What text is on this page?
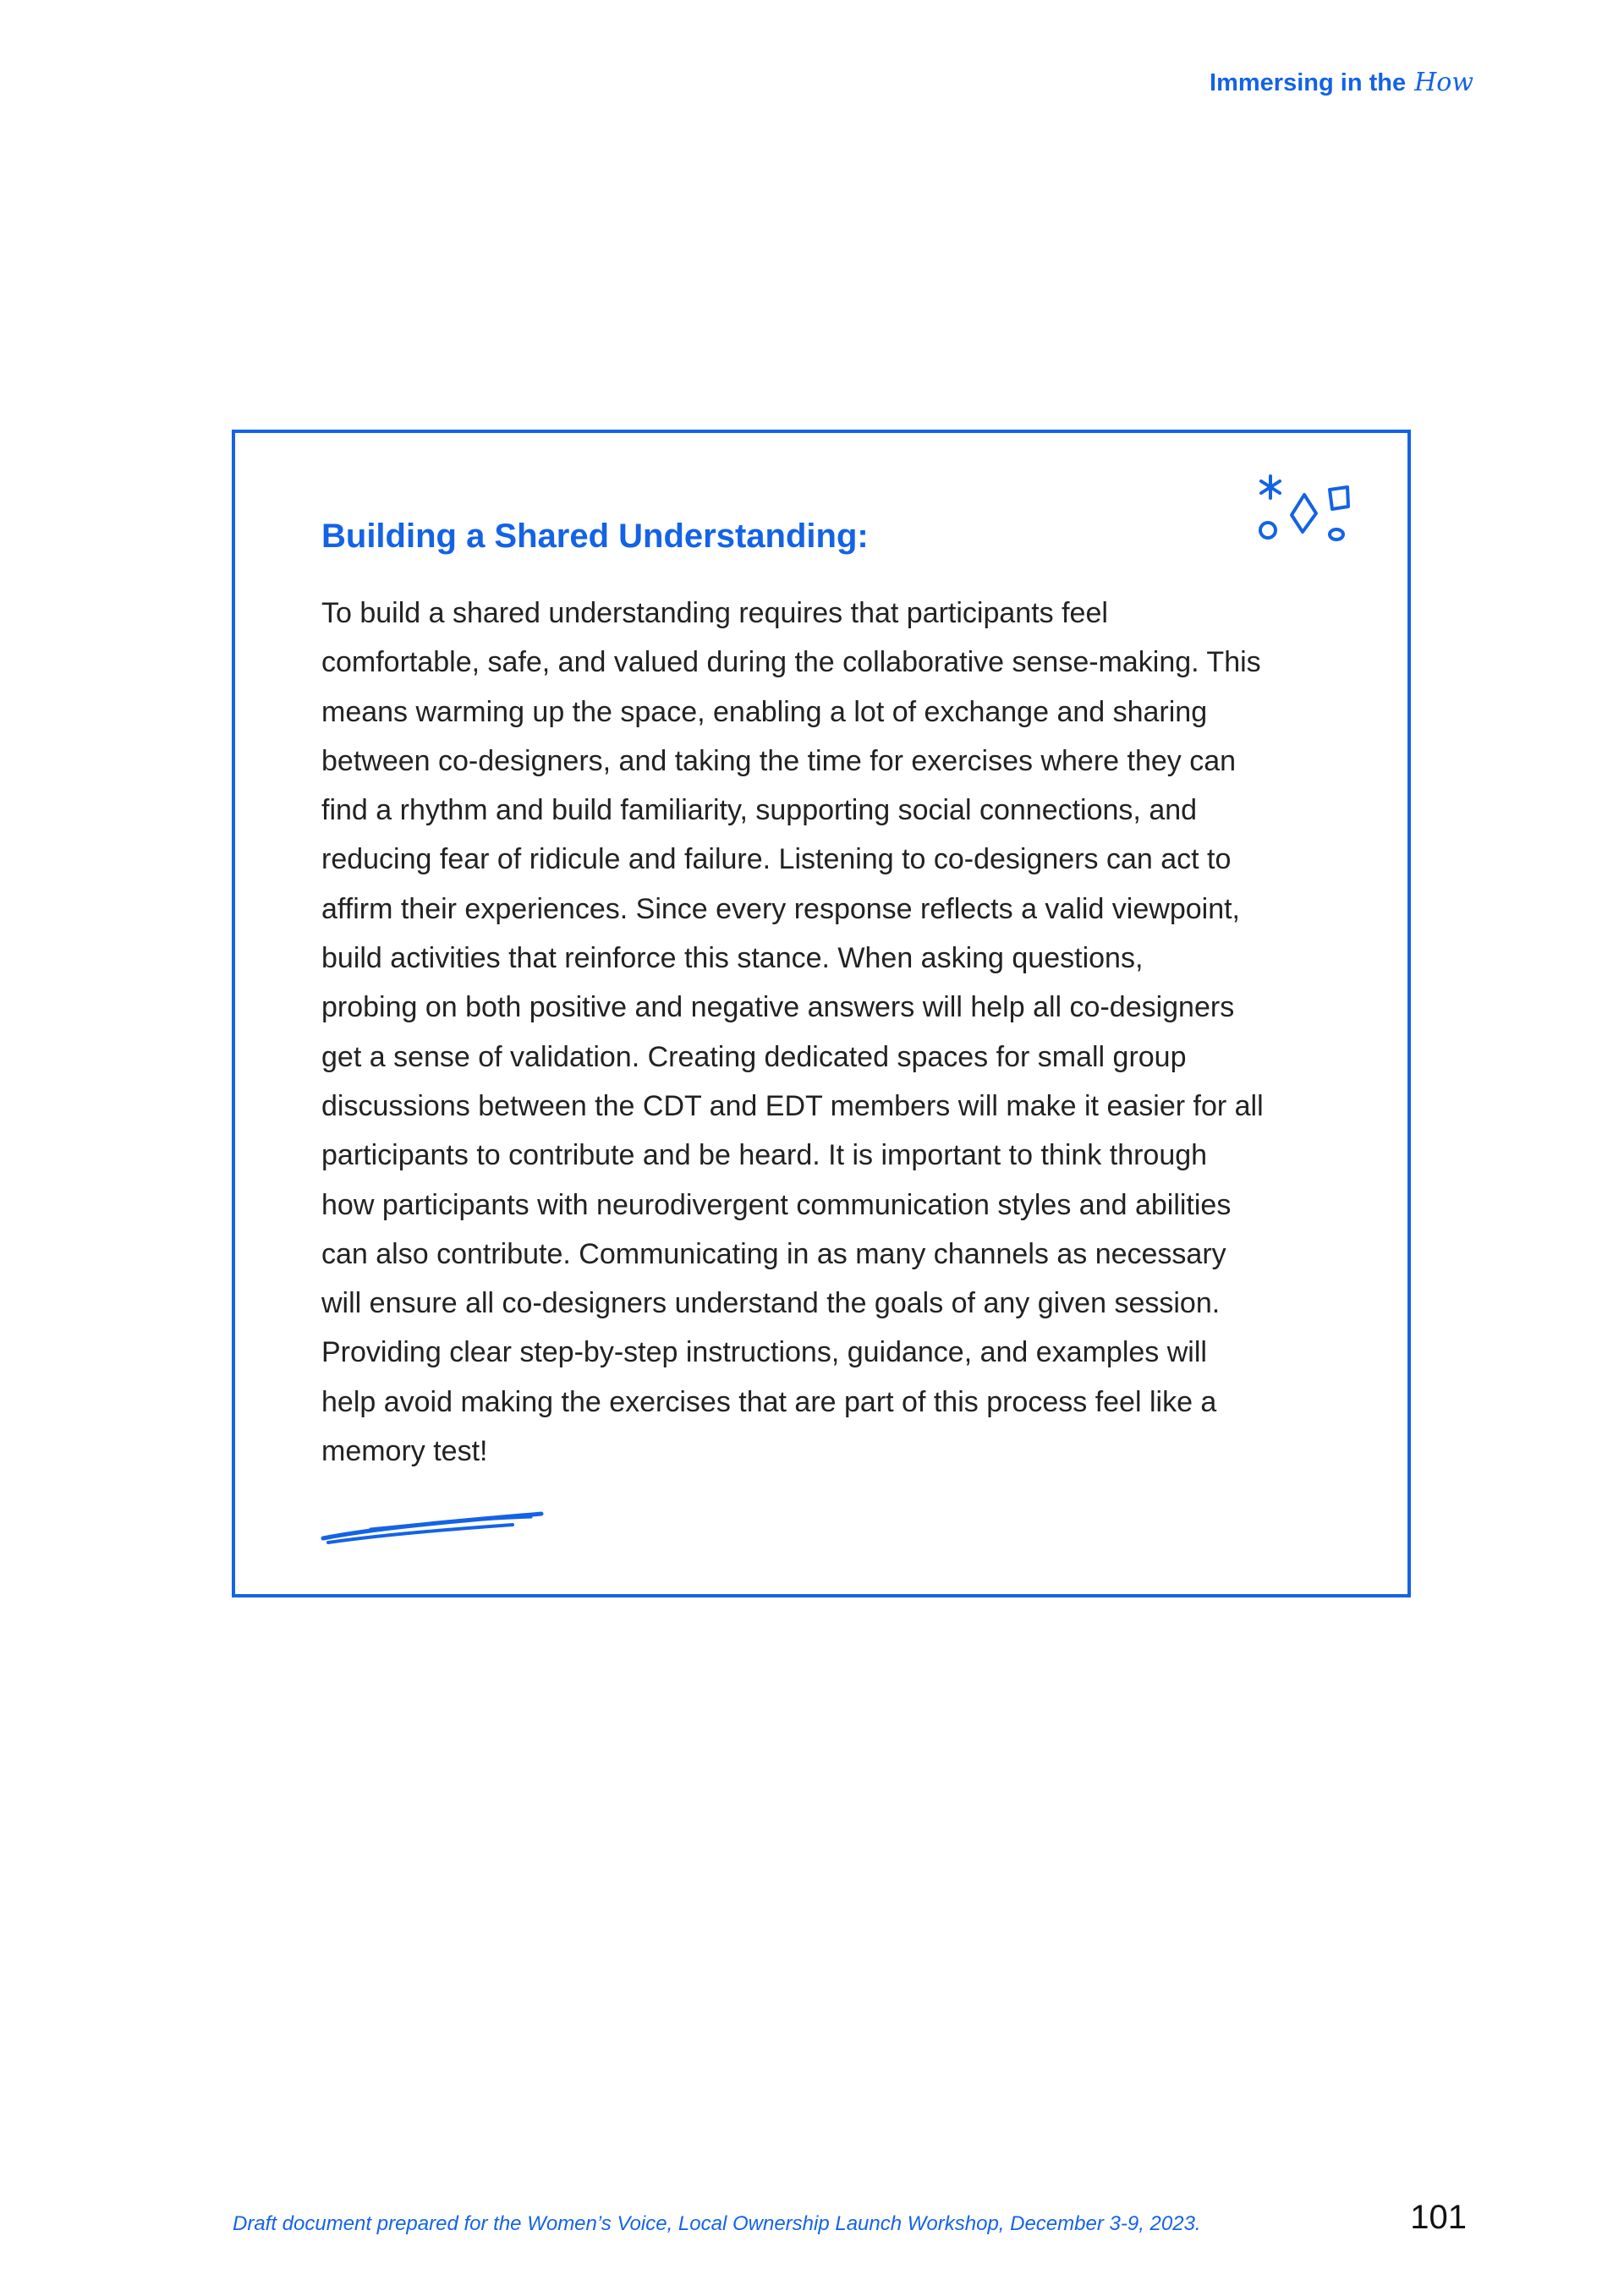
Immersing in the How
Building a Shared Understanding:

To build a shared understanding requires that participants feel
comfortable, safe, and valued during the collaborative sense-making. This
means warming up the space, enabling a lot of exchange and sharing
between co-designers, and taking the time for exercises where they can
find a rhythm and build familiarity, supporting social connections, and
reducing fear of ridicule and failure. Listening to co-designers can act to
affirm their experiences. Since every response reflects a valid viewpoint,
build activities that reinforce this stance. When asking questions,
probing on both positive and negative answers will help all co-designers
get a sense of validation. Creating dedicated spaces for small group
discussions between the CDT and EDT members will make it easier for all
participants to contribute and be heard. It is important to think through
how participants with neurodivergent communication styles and abilities
can also contribute. Communicating in as many channels as necessary
will ensure all co-designers understand the goals of any given session.
Providing clear step-by-step instructions, guidance, and examples will
help avoid making the exercises that are part of this process feel like a
memory test!

Draft document prepared for the Women’s Voice, Local Ownership Launch Workshop, December 3-9, 2023.	101
